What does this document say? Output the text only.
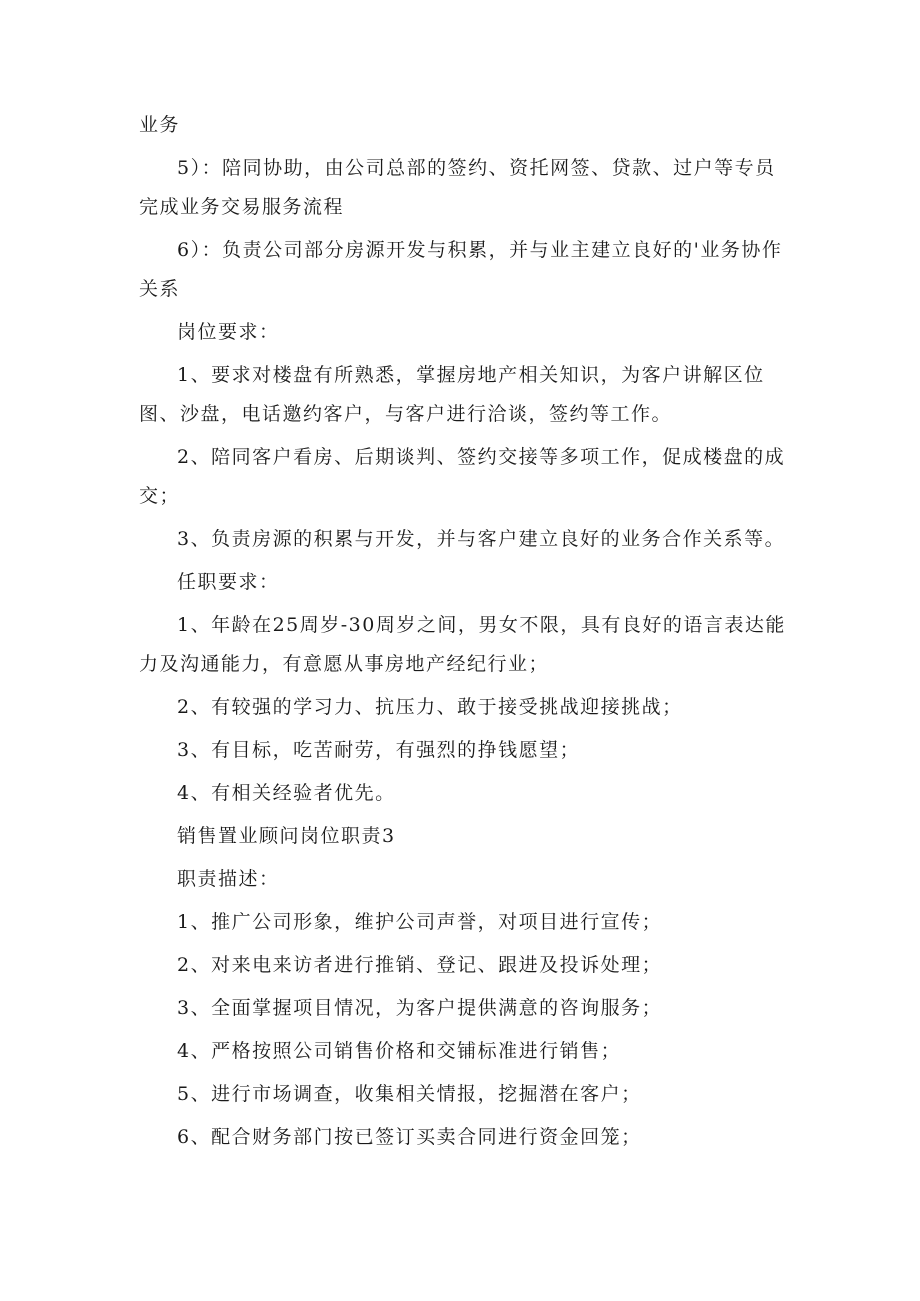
业务

5）：陪同协助，由公司总部的签约、资托网签、贷款、过户等专员完成业务交易服务流程

6）：负责公司部分房源开发与积累，并与业主建立良好的'业务协作关系

岗位要求：

1、要求对楼盘有所熟悉，掌握房地产相关知识，为客户讲解区位图、沙盘，电话邀约客户，与客户进行洽谈，签约等工作。

2、陪同客户看房、后期谈判、签约交接等多项工作，促成楼盘的成交；

3、负责房源的积累与开发，并与客户建立良好的业务合作关系等。

任职要求：

1、年龄在25周岁-30周岁之间，男女不限，具有良好的语言表达能力及沟通能力，有意愿从事房地产经纪行业；

2、有较强的学习力、抗压力、敢于接受挑战迎接挑战；

3、有目标，吃苦耐劳，有强烈的挣钱愿望；

4、有相关经验者优先。

销售置业顾问岗位职责3

职责描述：

1、推广公司形象，维护公司声誉，对项目进行宣传；

2、对来电来访者进行推销、登记、跟进及投诉处理；

3、全面掌握项目情况，为客户提供满意的咨询服务；

4、严格按照公司销售价格和交铺标准进行销售；

5、进行市场调查，收集相关情报，挖掘潜在客户；

6、配合财务部门按已签订买卖合同进行资金回笼；
